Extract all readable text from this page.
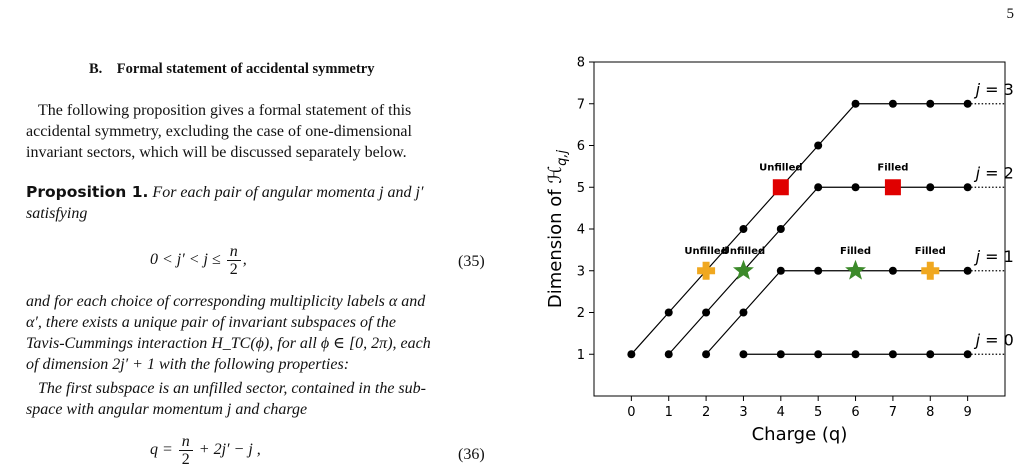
5
B. Formal statement of accidental symmetry
The following proposition gives a formal statement of this
accidental symmetry, excluding the case of one-dimensional
invariant sectors, which will be discussed separately below.
Proposition 1. For each pair of angular momenta j and j′
satisfying
$0 < j' < j \le \frac{n}{2}$ ,	(35)
and for each choice of corresponding multiplicity labels α and
α′, there exists a unique pair of invariant subspaces of the
Tavis-Cummings interaction H_TC(ϕ), for all ϕ ∈ [0, 2π), each
of dimension 2j′ + 1 with the following properties:
The first subspace is an unfilled sector, contained in the sub-
space with angular momentum j and charge
$q = \frac{n}{2} + 2j' - j$ ,	(36)
0 1 2 3 4 5 6 7 8 9
1
2
3
4
5
6
7
8
Charge (q)
Dimension of ℋ$_{q,j}$
j = 3
j = 2
j = 1
j = 0
Unfilled	Filled
Unfilled
Unfilled	Filled	Filled
